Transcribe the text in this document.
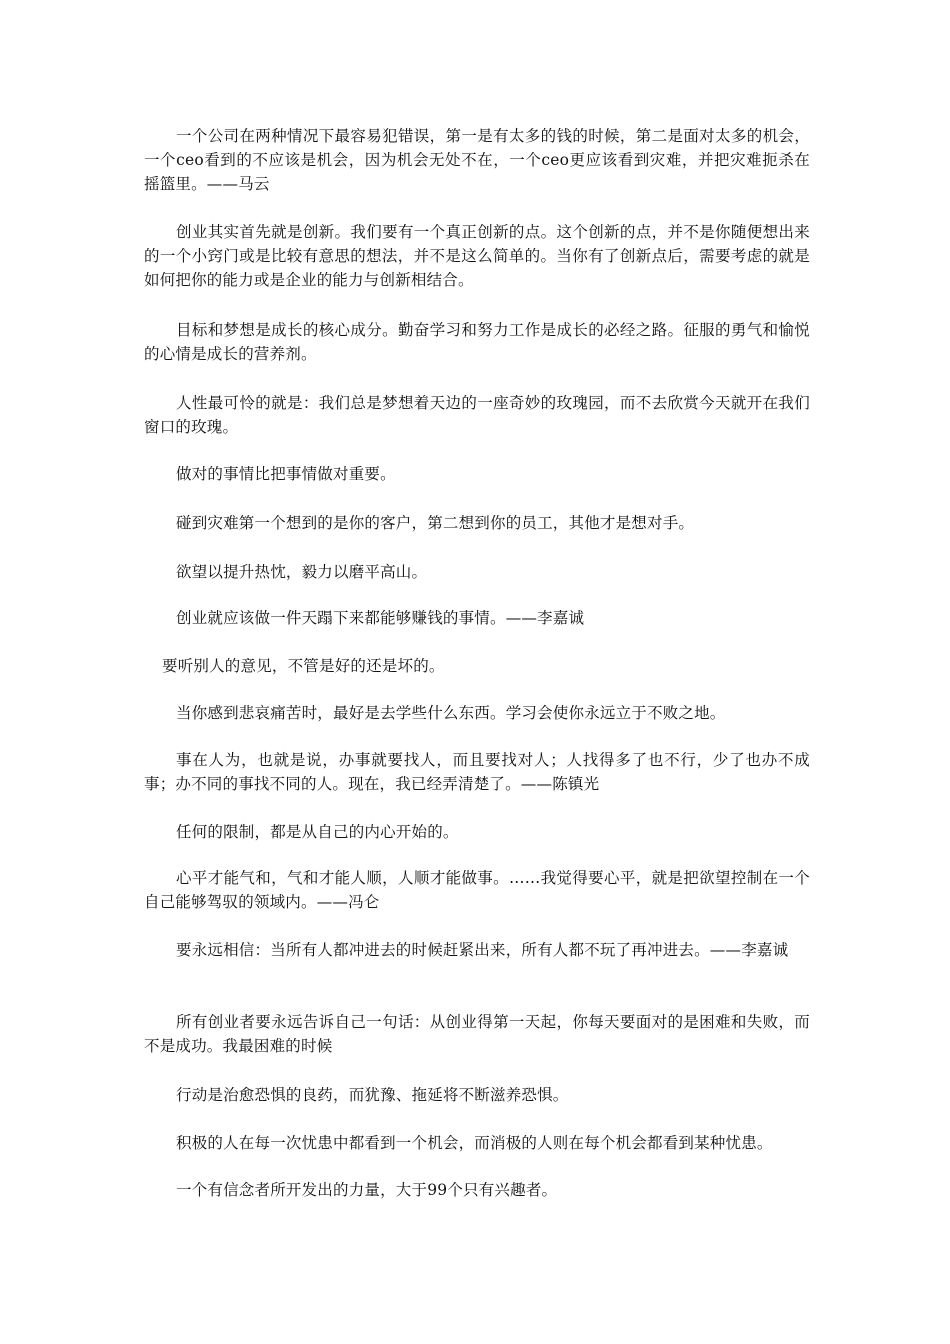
一个公司在两种情况下最容易犯错误，第一是有太多的钱的时候，第二是面对太多的机会，一个ceo看到的不应该是机会，因为机会无处不在，一个ceo更应该看到灾难，并把灾难扼杀在摇篮里。——马云

创业其实首先就是创新。我们要有一个真正创新的点。这个创新的点，并不是你随便想出来的一个小窍门或是比较有意思的想法，并不是这么简单的。当你有了创新点后，需要考虑的就是如何把你的能力或是企业的能力与创新相结合。

目标和梦想是成长的核心成分。勤奋学习和努力工作是成长的必经之路。征服的勇气和愉悦的心情是成长的营养剂。

人性最可怜的就是：我们总是梦想着天边的一座奇妙的玫瑰园，而不去欣赏今天就开在我们窗口的玫瑰。

做对的事情比把事情做对重要。

碰到灾难第一个想到的是你的客户，第二想到你的员工，其他才是想对手。

欲望以提升热忱，毅力以磨平高山。

创业就应该做一件天蹋下来都能够赚钱的事情。——李嘉诚

要听别人的意见，不管是好的还是坏的。

当你感到悲哀痛苦时，最好是去学些什么东西。学习会使你永远立于不败之地。

事在人为，也就是说，办事就要找人，而且要找对人；人找得多了也不行，少了也办不成事；办不同的事找不同的人。现在，我已经弄清楚了。——陈镇光

任何的限制，都是从自己的内心开始的。

心平才能气和，气和才能人顺，人顺才能做事。……我觉得要心平，就是把欲望控制在一个自己能够驾驭的领域内。——冯仑

要永远相信：当所有人都冲进去的时候赶紧出来，所有人都不玩了再冲进去。——李嘉诚

所有创业者要永远告诉自己一句话：从创业得第一天起，你每天要面对的是困难和失败，而不是成功。我最困难的时候

行动是治愈恐惧的良药，而犹豫、拖延将不断滋养恐惧。

积极的人在每一次忧患中都看到一个机会，而消极的人则在每个机会都看到某种忧患。

一个有信念者所开发出的力量，大于99个只有兴趣者。
